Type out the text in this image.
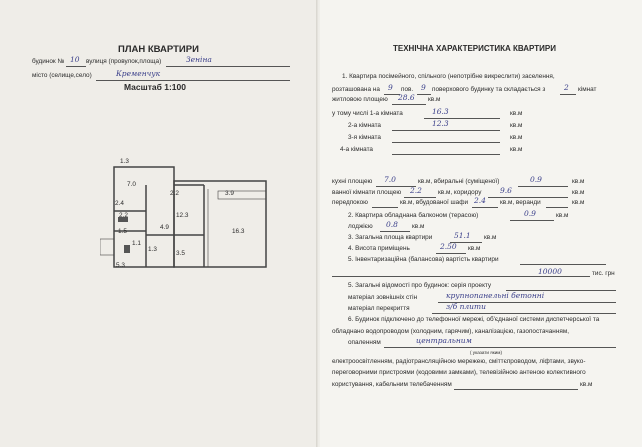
ПЛАН КВАРТИРИ
будинок № 10 вулиця (провулок,площа)	Зеніна
місто (селище,село)	Кременчук
Масштаб 1:100
1.3
7.0
2.4
2.2
2.2	12.3
3.9
4.9
16.3
1.5
1.1
1.3
3.5
5.3
ТЕХНІЧНА ХАРАКТЕРИСТИКА КВАРТИРИ
1. Квартира посімейного, спільного (непотрібне викреслити) заселення,
розташована на 9 пов. 9 поверхового будинку та складається з 2 кімнат
житловою площею 28.6 кв.м
у тому числі 1-а кімната	16.3	кв.м
2-а кімната	12.3	кв.м
3-я кімната	кв.м
4-а кімната	кв.м
кухні площею 7.0	кв.м, вбиральні (суміщеної)	0.9	кв.м
ванної кімнати площею 2.2	кв.м, коридору 9.6	кв.м
передпокою	кв.м, вбудованої шафи 2.4 кв.м, веранди	кв.м
2. Квартира обладнана балконом (терасою)	0.9	кв.м
лоджією 0.8 кв.м
3. Загальна площа квартири	51.1 кв.м
4. Висота приміщень	2.50 кв.м
5. Інвентаризаційна (балансова) вартість квартири
10000	тис. грн
5. Загальні відомості про будинок: серія проекту
матеріал зовнішніх стін	крупнопанельні бетонні
матеріал перекриття	з/б плити
6. Будинок підключено до телефонної мережі, об'єднаної системи диспетчерської та
обладнано водопроводом (холодним, гарячим), каналізацією, газопостачанням,
опаленням	центральним
( указати яким)
електроосвітленням, радіотрансляційною мережею, сміттєпроводом, ліфтами, звуко-
переговорними пристроями (кодовими замками), телевізійною антеною колективного
користування, кабельним телебаченням	кв.м
